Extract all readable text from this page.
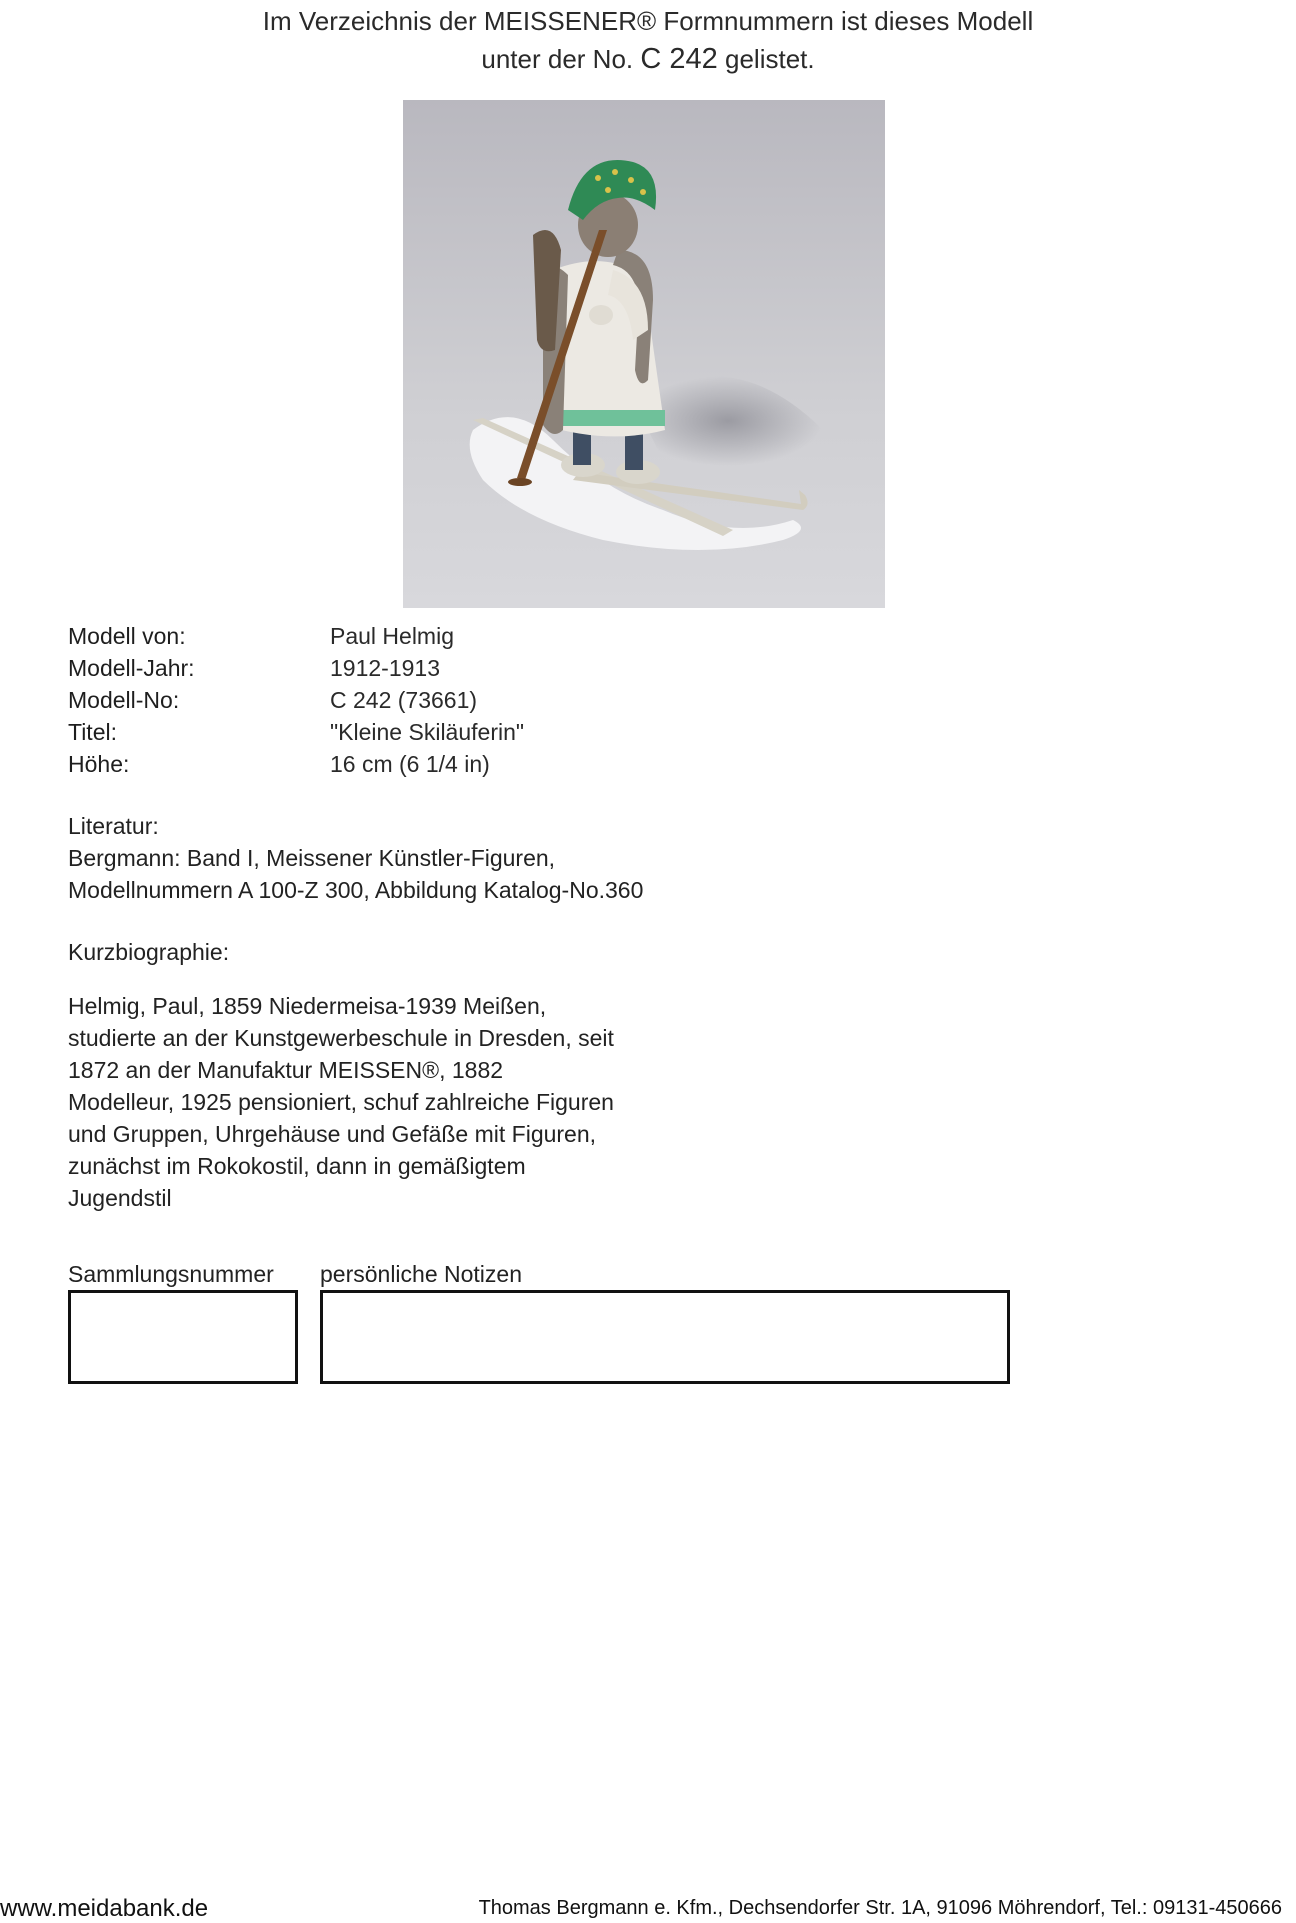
Im Verzeichnis der MEISSENER® Formnummern ist dieses Modell
unter der No. C 242 gelistet.
Modell von:	Paul Helmig
Modell-Jahr:	1912-1913
Modell-No:	C 242 (73661)
Titel:	"Kleine Skiläuferin"
Höhe:	16 cm (6 1/4 in)
Literatur:
Bergmann: Band I, Meissener Künstler-Figuren,
Modellnummern A 100-Z 300, Abbildung Katalog-No.360
Kurzbiographie:
Helmig, Paul, 1859 Niedermeisa-1939 Meißen,
studierte an der Kunstgewerbeschule in Dresden, seit
1872 an der Manufaktur MEISSEN®, 1882
Modelleur, 1925 pensioniert, schuf zahlreiche Figuren
und Gruppen, Uhrgehäuse und Gefäße mit Figuren,
zunächst im Rokokostil, dann in gemäßigtem
Jugendstil
Sammlungsnummer persönliche Notizen
www.meidabank.de	Thomas Bergmann e. Kfm., Dechsendorfer Str. 1A, 91096 Möhrendorf, Tel.: 09131-450666
